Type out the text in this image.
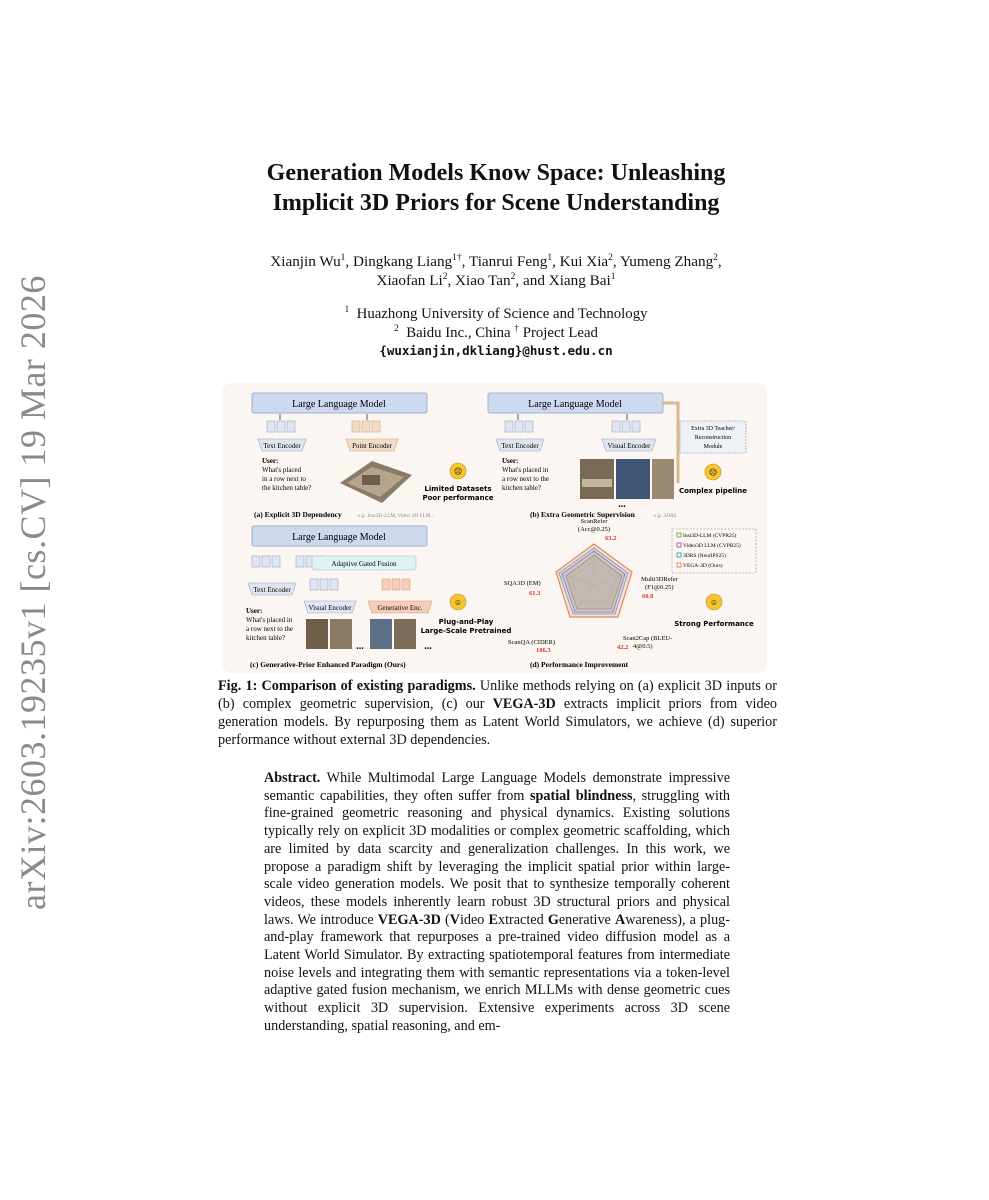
arXiv:2603.19235v1 [cs.CV] 19 Mar 2026
Generation Models Know Space: Unleashing
Implicit 3D Priors for Scene Understanding
Xianjin Wu$^1$, Dingkang Liang$^{1\dagger}$, Tianrui Feng$^1$, Kui Xia$^2$, Yumeng Zhang$^2$,
Xiaofan Li$^2$, Xiao Tan$^2$, and Xiang Bai$^1$
$^1$ Huazhong University of Science and Technology
$^2$ Baidu Inc., China † Project Lead
{wuxianjin,dkliang}@hust.edu.cn
Large Language Model
Text Encoder	Point Encoder
User:
What's placed
in a row next to
the kitchen table?
☹
Limited Datasets
Poor performance
(a) Explicit 3D Dependency	e.g. Inst3D-LLM, Video 3D LLM...
Large Language Model
Text Encoder	Visual Encoder
Extra 3D Teacher/
Reconstruction
Module
User:
What's placed in
a row next to the
kitchen table?
...
☹
Complex pipeline
(b) Extra Geometric Supervision	e.g. 3DRS
Large Language Model
Adaptive Gated Fusion
Text Encoder
Visual Encoder	Generative Enc.
User:
What's placed in
a row next to the
kitchen table?
...	...
☺
Plug-and-Play
Large-Scale Pretrained
(c) Generative-Prior Enhanced Paradigm (Ours)
ScanRefer
(Acc@0.25)
63.2
Multi3DRefer
(F1@0.25)
60.8
Scan2Cap (BLEU-
4@0.5)
42.2
ScanQA (CIDER)
106.3
SQA3D (EM)
61.3
Inst3D-LLM (CVPR25)
Video3D LLM (CVPR25)
3DRS (NeurIPS25)
VEGA-3D (Ours)
☺
Strong Performance
(d) Performance Improvement
Fig. 1: Comparison of existing paradigms. Unlike methods relying on (a) explicit 3D inputs or (b) complex geometric supervision, (c) our VEGA-3D extracts implicit priors from video generation models. By repurposing them as Latent World Simulators, we achieve (d) superior performance without external 3D dependencies.
Abstract. While Multimodal Large Language Models demonstrate impressive semantic capabilities, they often suffer from spatial blindness, struggling with fine-grained geometric reasoning and physical dynamics. Existing solutions typically rely on explicit 3D modalities or complex geometric scaffolding, which are limited by data scarcity and generalization challenges. In this work, we propose a paradigm shift by leveraging the implicit spatial prior within large-scale video generation models. We posit that to synthesize temporally coherent videos, these models inherently learn robust 3D structural priors and physical laws. We introduce VEGA-3D (Video Extracted Generative Awareness), a plug-and-play framework that repurposes a pre-trained video diffusion model as a Latent World Simulator. By extracting spatiotemporal features from intermediate noise levels and integrating them with semantic representations via a token-level adaptive gated fusion mechanism, we enrich MLLMs with dense geometric cues without explicit 3D supervision. Extensive experiments across 3D scene understanding, spatial reasoning, and em-
